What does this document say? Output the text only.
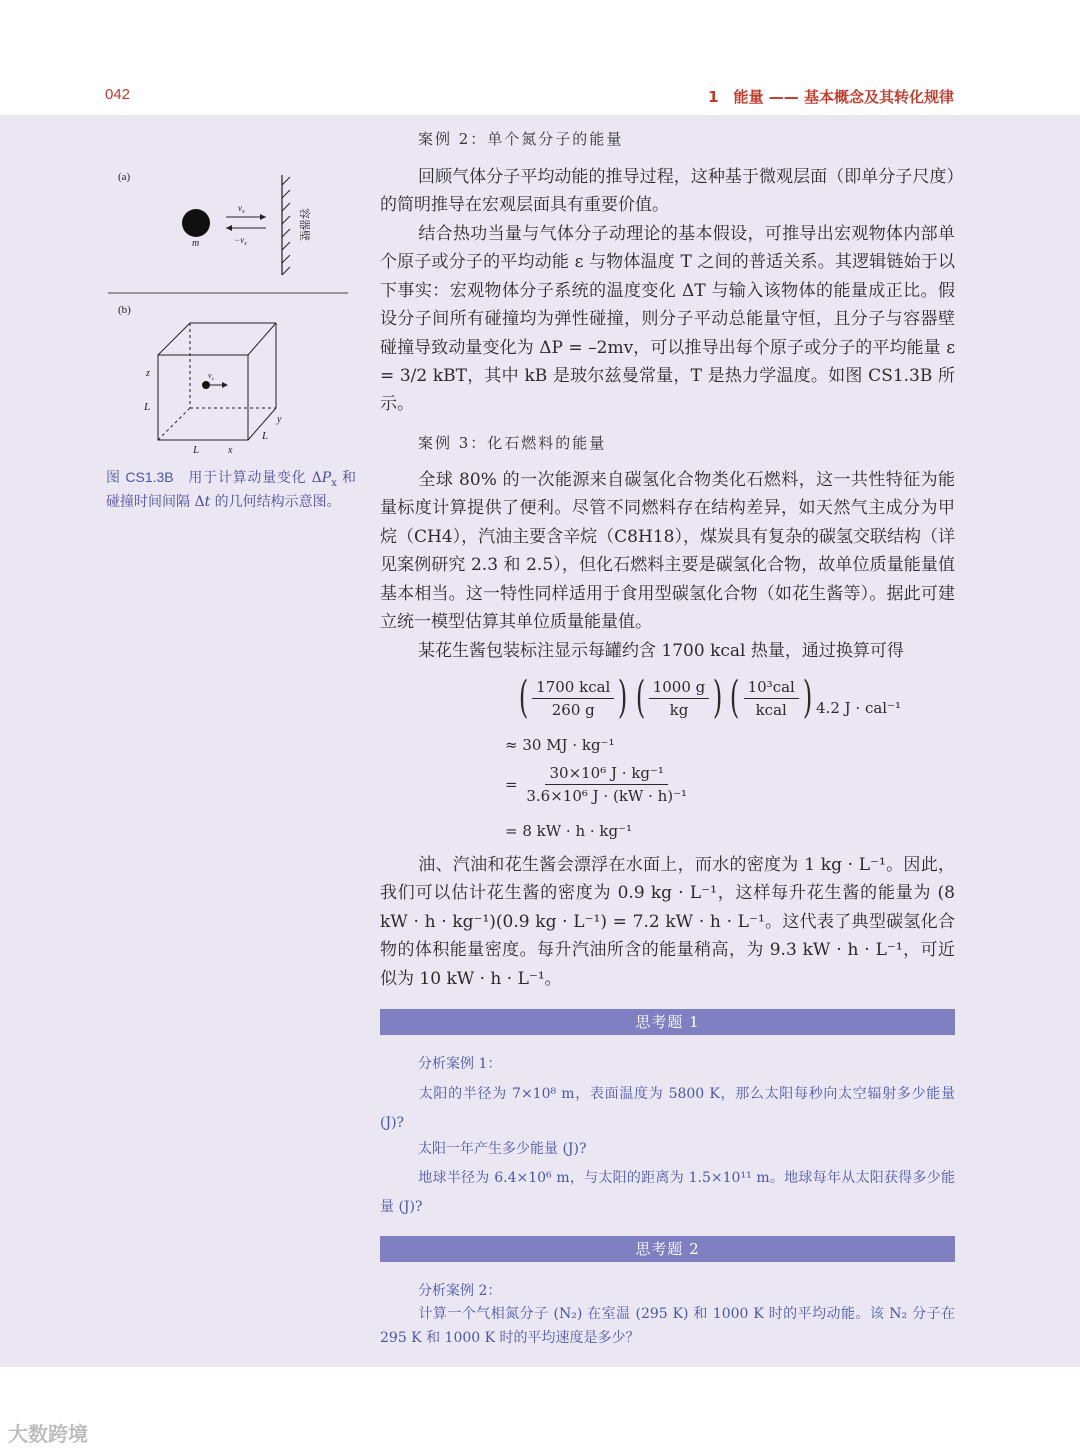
042	1　能量 —— 基本概念及其转化规律
(a)
m
$v_x$
$-v_x$
容器壁
(b)
$v_x$
z
L
L	x
L
y
图 CS1.3B 用于计算动量变化 $\Delta P_x$ 和碰撞时间间隔 Δt 的几何结构示意图。
案例 2：单个氮分子的能量
回顾气体分子平均动能的推导过程，这种基于微观层面（即单分子尺度）的简明推导在宏观层面具有重要价值。
结合热功当量与气体分子动理论的基本假设，可推导出宏观物体内部单个原子或分子的平均动能 ε 与物体温度 T 之间的普适关系。其逻辑链始于以下事实：宏观物体分子系统的温度变化 ΔT 与输入该物体的能量成正比。假设分子间所有碰撞均为弹性碰撞，则分子平动总能量守恒，且分子与容器壁碰撞导致动量变化为 ΔP = –2mv，可以推导出每个原子或分子的平均能量 ε = 3/2 kBT，其中 kB 是玻尔兹曼常量，T 是热力学温度。如图 CS1.3B 所示。
案例 3：化石燃料的能量
全球 80% 的一次能源来自碳氢化合物类化石燃料，这一共性特征为能量标度计算提供了便利。尽管不同燃料存在结构差异，如天然气主成分为甲烷（CH4），汽油主要含辛烷（C8H18），煤炭具有复杂的碳氢交联结构（详见案例研究 2.3 和 2.5），但化石燃料主要是碳氢化合物，故单位质量能量值基本相当。这一特性同样适用于食用型碳氢化合物（如花生酱等）。据此可建立统一模型估算其单位质量能量值。
某花生酱包装标注显示每罐约含 1700 kcal 热量，通过换算可得
( $\frac{\text{1700 kcal}}{260 g}$ ) ( $\frac{1000 g}{kg}$ ) ( $\frac{\text{10³cal}}{\text{kcal}}$ ) 4.2 J · cal⁻¹
≈ 30 MJ · kg⁻¹
= $\frac{\text{30×10⁶ J · kg⁻¹}}{\text{3.6×10⁶ J · (kW · h)⁻¹}}$
= 8 kW · h · kg⁻¹
油、汽油和花生酱会漂浮在水面上，而水的密度为 1 kg · L⁻¹。因此，我们可以估计花生酱的密度为 0.9 kg · L⁻¹，这样每升花生酱的能量为 (8 kW · h · kg⁻¹)(0.9 kg · L⁻¹) = 7.2 kW · h · L⁻¹。这代表了典型碳氢化合物的体积能量密度。每升汽油所含的能量稍高，为 9.3 kW · h · L⁻¹，可近似为 10 kW · h · L⁻¹。
思考题 1
分析案例 1：
太阳的半径为 7×10⁸ m，表面温度为 5800 K，那么太阳每秒向太空辐射多少能量 (J)?
太阳一年产生多少能量 (J)?
地球半径为 6.4×10⁶ m，与太阳的距离为 1.5×10¹¹ m。地球每年从太阳获得多少能量 (J)?
思考题 2
分析案例 2：
计算一个气相氮分子 (N₂) 在室温 (295 K) 和 1000 K 时的平均动能。该 N₂ 分子在 295 K 和 1000 K 时的平均速度是多少？
大数跨境
